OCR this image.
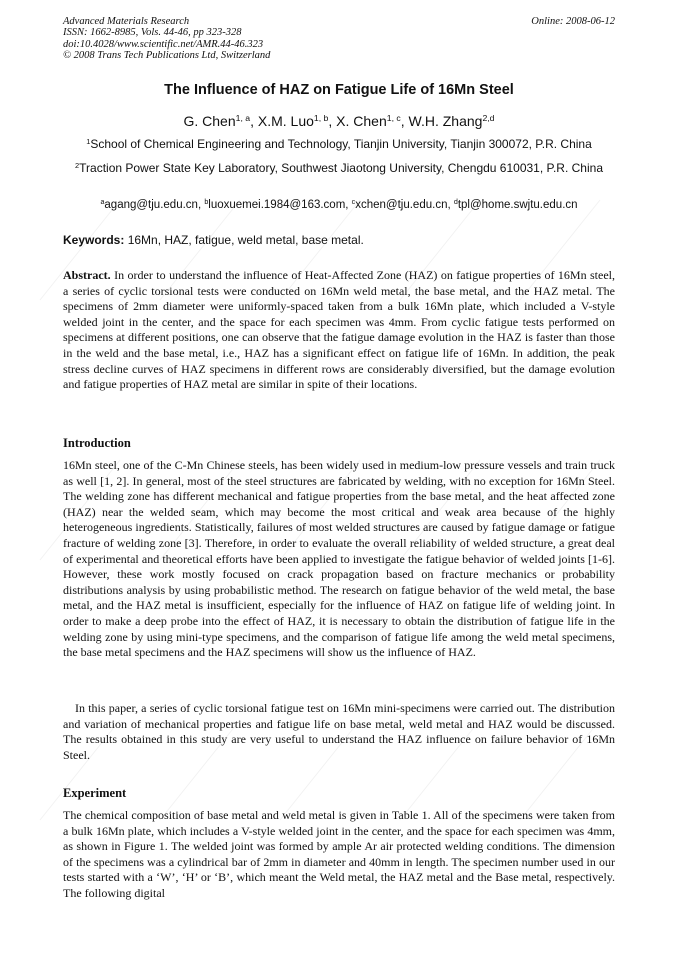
Advanced Materials Research
ISSN: 1662-8985, Vols. 44-46, pp 323-328
doi:10.4028/www.scientific.net/AMR.44-46.323
© 2008 Trans Tech Publications Ltd, Switzerland
Online: 2008-06-12
The Influence of HAZ on Fatigue Life of 16Mn Steel
G. Chen$^{1, a}$, X.M. Luo$^{1, b}$, X. Chen$^{1, c}$, W.H. Zhang$^{2,d}$
$^1$School of Chemical Engineering and Technology, Tianjin University, Tianjin 300072, P.R. China
$^2$Traction Power State Key Laboratory, Southwest Jiaotong University, Chengdu 610031, P.R. China
$^a$agang@tju.edu.cn, $^b$luoxuemei.1984@163.com, $^c$xchen@tju.edu.cn, $^d$tpl@home.swjtu.edu.cn
Keywords: 16Mn, HAZ, fatigue, weld metal, base metal.
Abstract. In order to understand the influence of Heat-Affected Zone (HAZ) on fatigue properties of 16Mn steel, a series of cyclic torsional tests were conducted on 16Mn weld metal, the base metal, and the HAZ metal. The specimens of 2mm diameter were uniformly-spaced taken from a bulk 16Mn plate, which included a V-style welded joint in the center, and the space for each specimen was 4mm. From cyclic fatigue tests performed on specimens at different positions, one can observe that the fatigue damage evolution in the HAZ is faster than those in the weld and the base metal, i.e., HAZ has a significant effect on fatigue life of 16Mn. In addition, the peak stress decline curves of HAZ specimens in different rows are considerably diversified, but the damage evolution and fatigue properties of HAZ metal are similar in spite of their locations.
Introduction
16Mn steel, one of the C-Mn Chinese steels, has been widely used in medium-low pressure vessels and train truck as well [1, 2]. In general, most of the steel structures are fabricated by welding, with no exception for 16Mn Steel. The welding zone has different mechanical and fatigue properties from the base metal, and the heat affected zone (HAZ) near the welded seam, which may become the most critical and weak area because of the highly heterogeneous ingredients. Statistically, failures of most welded structures are caused by fatigue damage or fatigue fracture of welding zone [3]. Therefore, in order to evaluate the overall reliability of welded structure, a great deal of experimental and theoretical efforts have been applied to investigate the fatigue behavior of welded joints [1-6]. However, these work mostly focused on crack propagation based on fracture mechanics or probability distributions analysis by using probabilistic method. The research on fatigue behavior of the weld metal, the base metal, and the HAZ metal is insufficient, especially for the influence of HAZ on fatigue life of welding joint. In order to make a deep probe into the effect of HAZ, it is necessary to obtain the distribution of fatigue life in the welding zone by using mini-type specimens, and the comparison of fatigue life among the weld metal specimens, the base metal specimens and the HAZ specimens will show us the influence of HAZ.
In this paper, a series of cyclic torsional fatigue test on 16Mn mini-specimens were carried out. The distribution and variation of mechanical properties and fatigue life on base metal, weld metal and HAZ would be discussed. The results obtained in this study are very useful to understand the HAZ influence on failure behavior of 16Mn Steel.
Experiment
The chemical composition of base metal and weld metal is given in Table 1. All of the specimens were taken from a bulk 16Mn plate, which includes a V-style welded joint in the center, and the space for each specimen was 4mm, as shown in Figure 1. The welded joint was formed by ample Ar air protected welding conditions. The dimension of the specimens was a cylindrical bar of 2mm in diameter and 40mm in length. The specimen number used in our tests started with a ‘W’, ‘H’ or ‘B’, which meant the Weld metal, the HAZ metal and the Base metal, respectively. The following digital
